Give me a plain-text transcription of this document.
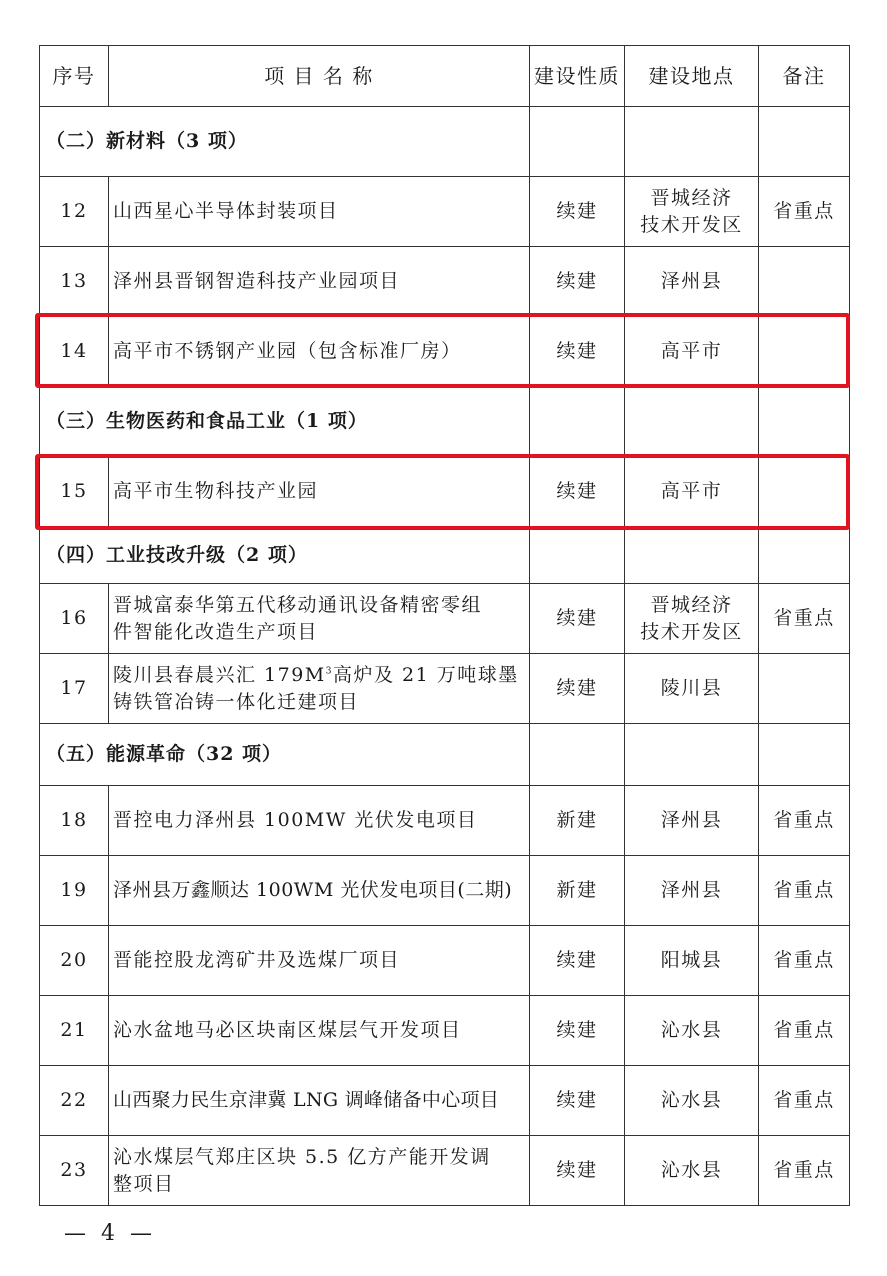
序号	项 目 名 称	建设性质	建设地点	备注
（二）新材料（3 项）				
12	山西星心半导体封装项目	续建	晋城经济
技术开发区	省重点
13	泽州县晋钢智造科技产业园项目	续建	泽州县	
14	高平市不锈钢产业园（包含标准厂房）	续建	高平市	
（三）生物医药和食品工业（1 项）				
15	高平市生物科技产业园	续建	高平市	
（四）工业技改升级（2 项）				
16	晋城富泰华第五代移动通讯设备精密零组
件智能化改造生产项目	续建	晋城经济
技术开发区	省重点
17	陵川县春晨兴汇 $179M^3$高炉及 21 万吨球墨
铸铁管冶铸一体化迁建项目	续建	陵川县	
（五）能源革命（32 项）				
18	晋控电力泽州县 100MW 光伏发电项目	新建	泽州县	省重点
19	泽州县万鑫顺达 100WM 光伏发电项目(二期)	新建	泽州县	省重点
20	晋能控股龙湾矿井及选煤厂项目	续建	阳城县	省重点
21	沁水盆地马必区块南区煤层气开发项目	续建	沁水县	省重点
22	山西聚力民生京津冀 LNG 调峰储备中心项目	续建	沁水县	省重点
23	沁水煤层气郑庄区块 5.5 亿方产能开发调
整项目	续建	沁水县	省重点
— 4 —
